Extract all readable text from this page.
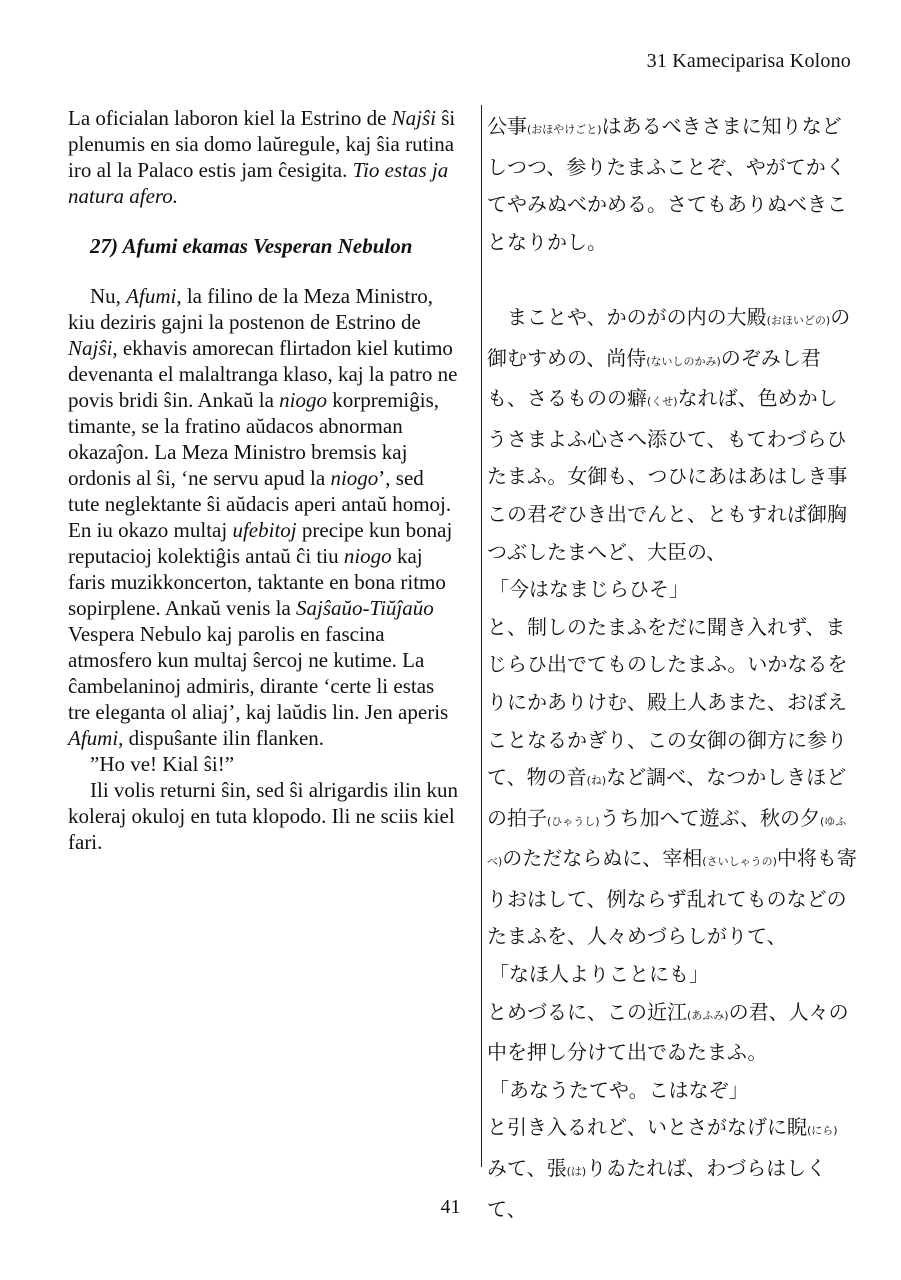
31 Kameciparisa Kolono

La oficialan laboron kiel la Estrino de Najŝi ŝi plenumis en sia domo laŭregule, kaj ŝia rutina iro al la Palaco estis jam ĉesigita. Tio estas ja natura afero.

27) Afumi ekamas Vesperan Nebulon

Nu, Afumi, la filino de la Meza Ministro, kiu deziris gajni la postenon de Estrino de Najŝi, ekhavis amorecan flirtadon kiel kutimo devenanta el malaltranga klaso, kaj la patro ne povis bridi ŝin. Ankaŭ la niogo korpremiĝis, timante, se la fratino aŭdacos abnorman okazaĵon. La Meza Ministro bremsis kaj ordonis al ŝi, ‘ne servu apud la niogo’, sed tute neglektante ŝi aŭdacis aperi antaŭ homoj. En iu okazo multaj ufebitoj precipe kun bonaj reputacioj kolektiĝis antaŭ ĉi tiu niogo kaj faris muzikkoncerton, taktante en bona ritmo sopirplene. Ankaŭ venis la Sajŝaŭo-Tiŭĵaŭo Vespera Nebulo kaj parolis en fascina atmosfero kun multaj ŝercoj ne kutime. La ĉambelaninoj admiris, dirante ‘certe li estas tre eleganta ol aliaj’, kaj laŭdis lin. Jen aperis Afumi, dispuŝante ilin flanken.

”Ho ve! Kial ŝi!”

Ili volis returni ŝin, sed ŝi alrigardis ilin kun koleraj okuloj en tuta klopodo. Ili ne sciis kiel fari.

公事(おほやけごと)はあるべきさまに知りなどしつつ、参りたまふことぞ、やがてかくてやみぬべかめる。さてもありぬべきことなりかし。

まことや、かのがの内の大殿(おほいどの)の御むすめの、尚侍(ないしのかみ)のぞみし君も、さるものの癖(くせ)なれば、色めかしうさまよふ心さへ添ひて、もてわづらひたまふ。女御も、つひにあはあはしき事この君ぞひき出でんと、ともすれば御胸つぶしたまへど、大臣の、

「今はなまじらひそ」

と、制しのたまふをだに聞き入れず、まじらひ出でてものしたまふ。いかなるをりにかありけむ、殿上人あまた、おぼえことなるかぎり、この女御の御方に参りて、物の音(ね)など調べ、なつかしきほどの拍子(ひゃうし)うち加へて遊ぶ、秋の夕(ゆふべ)のただならぬに、宰相(さいしゃうの)中将も寄りおはして、例ならず乱れてものなどのたまふを、人々めづらしがりて、

「なほ人よりことにも」

とめづるに、この近江(あふみ)の君、人々の中を押し分けて出でゐたまふ。

「あなうたてや。こはなぞ」

と引き入るれど、いとさがなげに睨(にら)みて、張(は)りゐたれば、わづらはしくて、

41
